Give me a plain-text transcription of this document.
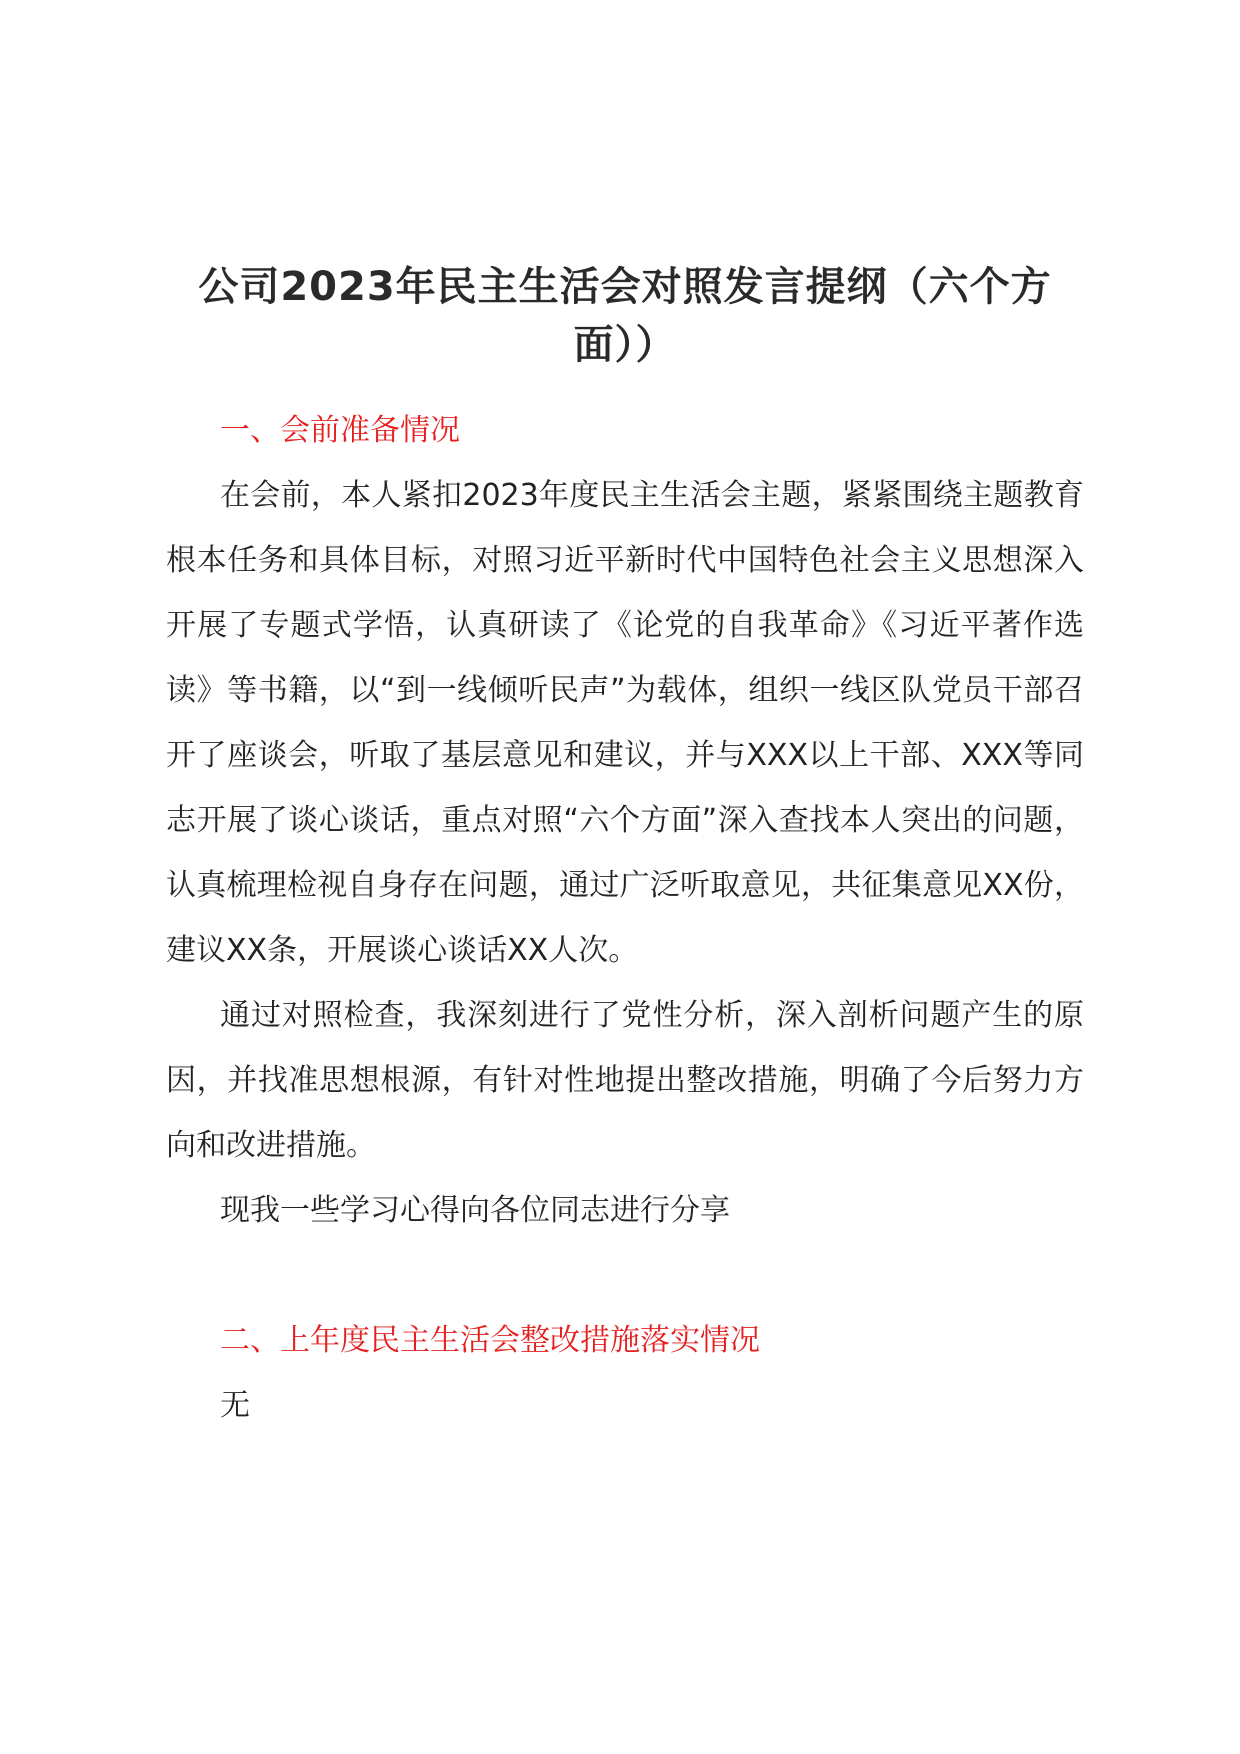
公司2023年民主生活会对照发言提纲（六个方面））

一、会前准备情况

在会前，本人紧扣2023年度民主生活会主题，紧紧围绕主题教育根本任务和具体目标，对照习近平新时代中国特色社会主义思想深入开展了专题式学悟，认真研读了《论党的自我革命》《习近平著作选读》等书籍，以“到一线倾听民声”为载体，组织一线区队党员干部召开了座谈会，听取了基层意见和建议，并与XXX以上干部、XXX等同志开展了谈心谈话，重点对照“六个方面”深入查找本人突出的问题，认真梳理检视自身存在问题，通过广泛听取意见，共征集意见XX份，建议XX条，开展谈心谈话XX人次。

通过对照检查，我深刻进行了党性分析，深入剖析问题产生的原因，并找准思想根源，有针对性地提出整改措施，明确了今后努力方向和改进措施。

现我一些学习心得向各位同志进行分享

二、上年度民主生活会整改措施落实情况

无
